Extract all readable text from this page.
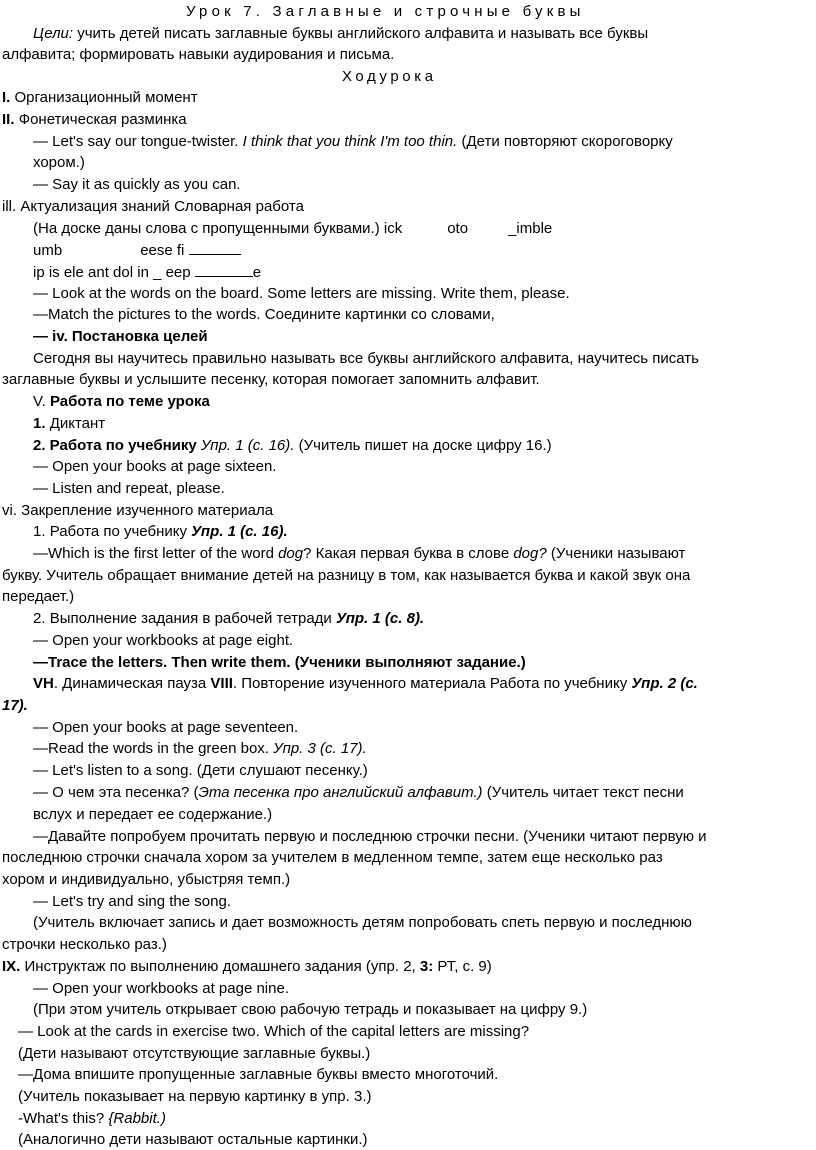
Урок 7. Заглавные и строчные буквы
Цели: учить детей писать заглавные буквы английского алфавита и называть все буквы
алфавита; формировать навыки аудирования и письма.
Ходурока
I. Организационный момент
II. Фонетическая разминка
— Let's say our tongue-twister. I think that you think I'm too thin. (Дети повторяют скороговорку
хором.)
— Say it as quickly as you can.
ill. Актуализация знаний Словарная работа
(На доске даны слова с пропущенными буквами.) ick	oto	_imble
umb	eese fi
ip is ele ant dol in _ eep	e
— Look at the words on the board. Some letters are missing. Write them, please.
—Match the pictures to the words. Соедините картинки со словами,
— iv. Постановка целей
Сегодня вы научитесь правильно называть все буквы английского алфавита, научитесь писать
заглавные буквы и услышите песенку, которая помогает запомнить алфавит.
V. Работа по теме урока
1. Диктант
2. Работа по учебнику Упр. 1 (с. 16). (Учитель пишет на доске цифру 16.)
— Open your books at page sixteen.
— Listen and repeat, please.
vi. Закрепление изученного материала
1. Работа по учебнику Упр. 1 (с. 16).
—Which is the first letter of the word dog? Какая первая буква в слове dog? (Ученики называют
букву. Учитель обращает внимание детей на разницу в том, как называется буква и какой звук она
передает.)
2. Выполнение задания в рабочей тетради Упр. 1 (с. 8).
— Open your workbooks at page eight.
—Trace the letters. Then write them. (Ученики выполняют задание.)
VН. Динамическая пауза VIII. Повторение изученного материала Работа по учебнику Упр. 2 (с.
17).
— Open your books at page seventeen.
—Read the words in the green box. Упр. 3 (с. 17).
— Let's listen to a song. (Дети слушают песенку.)
— О чем эта песенка? (Эта песенка про английский алфавит.) (Учитель читает текст песни
вслух и передает ее содержание.)
—Давайте попробуем прочитать первую и последнюю строчки песни. (Ученики читают первую и
последнюю строчки сначала хором за учителем в медленном темпе, затем еще несколько раз
хором и индивидуально, убыстряя темп.)
— Let's try and sing the song.
(Учитель включает запись и дает возможность детям попробовать спеть первую и последнюю
строчки несколько раз.)
IX. Инструктаж по выполнению домашнего задания (упр. 2, 3: РТ, с. 9)
— Open your workbooks at page nine.
(При этом учитель открывает свою рабочую тетрадь и показывает на цифру 9.)
— Look at the cards in exercise two. Which of the capital letters are missing?
(Дети называют отсутствующие заглавные буквы.)
—Дома впишите пропущенные заглавные буквы вместо многоточий.
(Учитель показывает на первую картинку в упр. 3.)
-What's this? {Rabbit.)
(Аналогично дети называют остальные картинки.)
